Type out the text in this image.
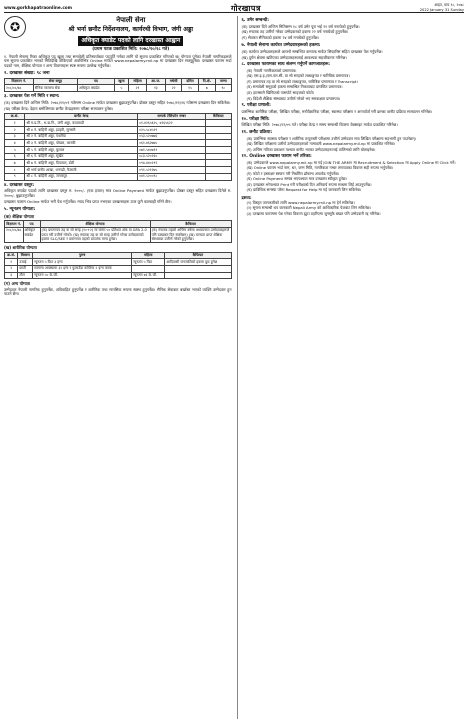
www.gorkhapatraonline.com	गोरखापत्र	आइत, माघ १८, २०७८
2022 January 31 Sunday
✪	नेपाली सेना
श्री भर्ना छनौट निर्देशनालय, कार्यरथी विभाग, जंगी अड्डा
अधिकृत क्याडेट पदको लागि दरखास्त आह्वान
(प्रथम पटक प्रकाशित मिति: २०७८/१०/१८ गते)

१. नेपाली सेनामा रिक्त अधिकृत पद खुला तथा समावेशी प्रतिस्पर्धाबाट पदपूर्ति गर्नका लागि यो सूचना प्रकाशित गरिएको छ। योग्यता पुगेका नेपाली नागरिकहरूले यस सूचना प्रकाशित भएको मितिदेखि तोकिएको अवधिभित्र Online मार्फत www.nepalarmy.mil.np मा दरखास्त दिन सक्नुहुनेछ। दरखास्त फाराम भर्दा पदको नाम, शैक्षिक योग्यता र अन्य विवरणहरू स्पष्ट रूपमा उल्लेख गर्नुपर्नेछ।

२. दरखास्त संख्या: ९८ जना
विज्ञापन नं.	सेवा समूह	पद	खुला	महिला	आ.ज.	मधेसी	दलित	पि.क्षे.	जम्मा
२०८/०८/७८	सैनिक सामान्य सेवा	अधिकृत क्याडेट	५	२१	१३	२२	१५	७	९८
३. दरखास्त पेश गर्ने मिति र स्थान:

(क) दरखास्त दिने अन्तिम मिति: २०७८/११/०९ गतेसम्म Online मार्फत दरखास्त बुझाउनुपर्नेछ। दोब्बर दस्तुर सहित २०७८/११/१६ गतेसम्म दरखास्त दिन सकिनेछ।

(ख) परीक्षा केन्द्र: देहाय बमोजिमका छनौट केन्द्रहरूमा परीक्षा सञ्चालन हुनेछ।

क्र.सं.	छनौट केन्द्र	सम्पर्क टेलिफोन नम्बर	कैफियत
१	श्री म.प्र.नि., भ.छ.नि., जंगी अड्डा, काठमाडौं	०१-४२६५६२५, ४२६५६२२	
२	श्री ४ नं. बाहिनी अड्डा, इटहरी, सुनसरी	०२५-५८४५२९	
३	श्री २ नं. बाहिनी अड्डा, पथलैया	०५३-५२०७७६	
४	श्री ३ नं. बाहिनी अड्डा, पोखरा, कास्की	०६१-४६२७७५	
५	श्री ५ नं. बाहिनी अड्डा, बुटवल	०७१-५४०७९२	
६	श्री ६ नं. बाहिनी अड्डा, सुर्खेत	०८३-५२०२६०	
७	श्री ७ नं. बाहिनी अड्डा, दिपायल, डोटी	०९४-४४०२९१	
८	श्री भर्ना छनौट शाखा, धनगढी, कैलाली	०९१-५२१२७५	
९	श्री ८ नं. बाहिनी अड्डा, जनकपुर	०४१-५२००९८	
४. दरखास्त दस्तुर:

अधिकृत क्याडेट पदको लागि दरखास्त दस्तुर रु. १०००/- (एक हजार) मात्र Online Payment मार्फत बुझाउनुपर्नेछ। दोब्बर दस्तुर सहित दरखास्त दिनेले रु. २०००/- बुझाउनुपर्नेछ।

दरखास्त फाराम Online मार्फत भरी पेश गर्नुपर्नेछ। म्याद भित्र प्राप्त नभएका दरखास्तहरू उपर कुनै कारबाही गरिने छैन।

५. न्यूनतम योग्यता:
(क) शैक्षिक योग्यता
विज्ञापन नं.	पद	शैक्षिक योग्यता	कैफियत
२०८/०८/७८	अधिकृत क्याडेट	(क) प्रमाणपत्र तह वा सो सरह (१०+२) मा जम्मा ५० प्रतिशत अंक वा GPA 2.0 प्राप्त गरी उत्तीर्ण गरेको। (ख) स्नातक तह वा सो सरह उत्तीर्ण गरेका उम्मेदवारको हकमा SLC/SEE र प्रमाणपत्र तहको प्राप्तांक मान्य हुनेछ।	(क) स्नातक तहको अन्तिम वर्षमा अध्ययनरत उम्मेदवारहरूले पनि दरखास्त दिन सक्नेछन्। (ख) मान्यता प्राप्त शैक्षिक संस्थाबाट उत्तीर्ण गरेको हुनुपर्नेछ।
(ख) शारीरिक योग्यता
क्र.सं.	विवरण	पुरुष	महिला	कैफियत
१	उचाई	न्यूनतम ५ फिट ३ इन्च	न्यूनतम ५ फिट	आदिवासी जनजातिको हकमा छुट हुनेछ
२	छाती	सामान्य अवस्थामा ३२ इन्च र फुलाउँदा कम्तिमा २ इन्च फरक		
३	तौल	न्यूनतम ५० के.जी.	न्यूनतम ४६ के.जी.	
(ग) अन्य योग्यता

उम्मेदवार नेपाली नागरिक हुनुपर्नेछ, अविवाहित हुनुपर्नेछ र शारीरिक तथा मानसिक रूपमा स्वस्थ हुनुपर्नेछ। सैनिक सेवाबाट बर्खास्त भएको व्यक्ति उम्मेदवार हुन पाउने छैन।

६. उमेर सम्बन्धी:
(क) दरखास्त दिने अन्तिम मितिसम्म १८ वर्ष उमेर पूरा भई २१ वर्ष ननाघेको हुनुपर्नेछ।
(ख) स्नातक तह उत्तीर्ण गरेका उम्मेदवारको हकमा २२ वर्ष ननाघेको हुनुपर्नेछ।
(ग) सेवारत सैनिकको हकमा २४ वर्ष ननाघेको हुनुपर्नेछ।
७. नेपाली सेनामा कार्यरत उम्मेदवारहरूको हकमा:
(क) कार्यरत उम्मेदवारहरूले आफ्नो सम्बन्धित कमाण्ड मार्फत सिफारिस सहित दरखास्त पेश गर्नुपर्नेछ।
(ख) दुर्गम क्षेत्रमा खटिएका उम्मेदवारहरूलाई आवश्यक सहजीकरण गरिनेछ।
८. दरखास्त फारामका साथ संलग्न गर्नुपर्ने कागजातहरू:
(क) नेपाली नागरिकताको प्रमाणपत्र।
(ख) एस.इ.इ./एस.एल.सी. वा सो सरहको लब्धाङ्कपत्र र चारित्रिक प्रमाणपत्र।
(ग) प्रमाणपत्र तह वा सो सरहको लब्धाङ्कपत्र, चारित्रिक प्रमाणपत्र र Transcript।
(घ) समावेशी समूहको हकमा सम्बन्धित निकायबाट प्रमाणित प्रमाणपत्र।
(ङ) हालसालै खिचिएको पासपोर्ट साइजको फोटो।
(च) विदेशी शैक्षिक संस्थाबाट उत्तीर्ण गरेको भए समकक्षता प्रमाणपत्र।
९. परीक्षा प्रणाली:
प्रारम्भिक शारीरिक परीक्षा, लिखित परीक्षा, मनोवैज्ञानिक परीक्षा, स्वास्थ्य परीक्षण र अन्तर्वार्ता गरी क्रमशः छनौट प्रक्रिया सञ्चालन गरिनेछ।
१०. परीक्षा मिति:
लिखित परीक्षा मिति: २०७८/१२/०५ गते। परीक्षा केन्द्र र समय सम्बन्धी विवरण वेबसाइट मार्फत प्रकाशित गरिनेछ।
११. छनौट प्रक्रिया:
(क) प्रारम्भिक स्वास्थ्य परीक्षण र शारीरिक तन्दुरुस्ती परीक्षामा उत्तीर्ण उम्मेदवार मात्र लिखित परीक्षामा सहभागी हुन पाउनेछन्।
(ख) लिखित परीक्षामा उत्तीर्ण उम्मेदवारहरूको नामावली www.nepalarmy.mil.np मा प्रकाशित गरिनेछ।
(ग) अन्तिम नतिजा प्रकाशन पश्चात छनौट भएका उम्मेदवारहरूलाई तालिमको लागि बोलाइनेछ।
१२. Online दरखास्त फाराम भर्ने तरिका:
(क) उम्मेदवारले www.nepalarmy.mil.np मा गई JOIN THE ARMY मा Recruitment & Selection मा Apply Online मा Click गर्ने।
(ख) Online फाराम भर्दा नाम, थर, जन्म मिति, नागरिकता नम्बर लगायतका विवरण सही रूपमा भर्नुपर्नेछ।
(ग) फोटो र हस्ताक्षर स्क्यान गरी निर्धारित ढाँचामा अपलोड गर्नुपर्नेछ।
(घ) Online Payment सम्पन्न भएपश्चात मात्र दरखास्त स्वीकृत हुनेछ।
(ङ) दरखास्त भरेपश्चात Print गरी परीक्षाको दिन अनिवार्य रूपमा साथमा लिई आउनुपर्नेछ।
(च) प्राविधिक समस्या परेमा Request for Help मा गई जानकारी लिन सकिनेछ।
द्रष्टव्य:
(१) विस्तृत जानकारीको लागि www.nepalarmy.mil.np मा हेर्न सकिनेछ।
(२) सूचना सम्बन्धी थप जानकारी Nepali Army को आधिकारिक पेजबाट लिन सकिनेछ।
(३) दरखास्त फाराममा पेश गरेका विवरण झुटा ठहरिएमा जुनसुकै बखत पनि उम्मेदवारी रद्द गरिनेछ।
